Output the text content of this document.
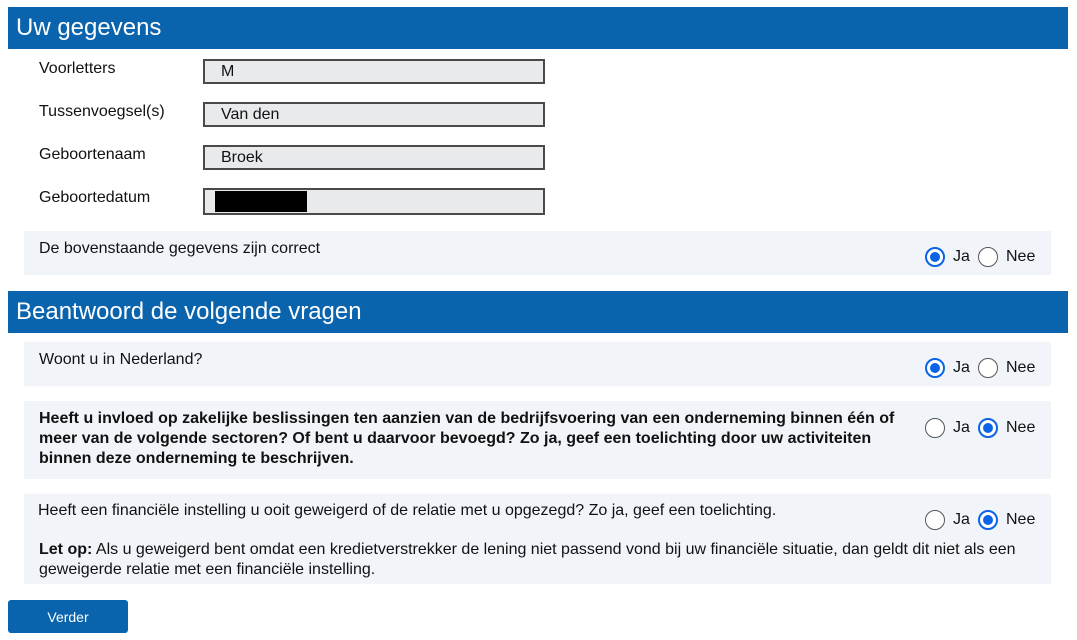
Uw gegevens
Voorletters
M
Tussenvoegsel(s)
Van den
Geboortenaam
Broek
Geboortedatum
De bovenstaande gegevens zijn correct	Ja Nee
Beantwoord de volgende vragen
Woont u in Nederland?	Ja Nee
Heeft u invloed op zakelijke beslissingen ten aanzien van de bedrijfsvoering van een onderneming binnen één of meer van de volgende sectoren? Of bent u daarvoor bevoegd? Zo ja, geef een toelichting door uw activiteiten binnen deze onderneming te beschrijven.
Ja Nee
Heeft een financiële instelling u ooit geweigerd of de relatie met u opgezegd? Zo ja, geef een toelichting.
Ja Nee
Let op: Als u geweigerd bent omdat een kredietverstrekker de lening niet passend vond bij uw financiële situatie, dan geldt dit niet als een geweigerde relatie met een financiële instelling.
Verder
